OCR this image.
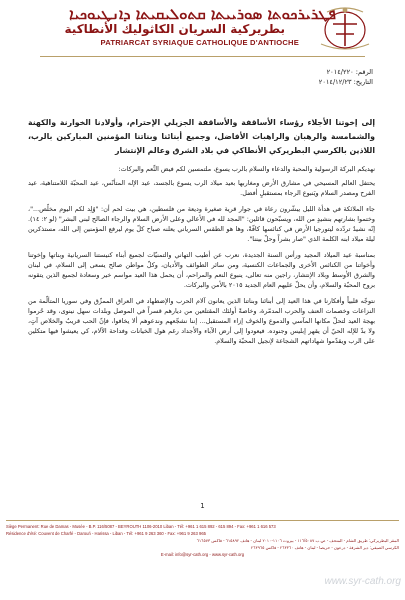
ܦܛܪܝܪܟܘܬܐ ܣܘܪܝܝܬܐ ܩܬܘܠܝܩܝܬܐ ܕܐܢܛܝܘܟܝܐ
بطريركية السريان الكاثوليك الأنطاكية
PATRIARCAT SYRIAQUE CATHOLIQUE D'ANTIOCHE
الرقم: ٢٠١٤/٢٢٠
التاريخ: ٢٠١٤/١٢/٢٣

إلى إخوتنا الأجلاء رؤساء الأساقفة والأساقفة الجزيلي الإحترام، وأولادنا الخوارنة والكهنة والشمامسة والرهبان والراهبات الأفاضل، وجميع أبنائنا وبناتنا المؤمنين المباركين بالرب، اللاذين بالكرسي البطريركي الأنطاكي في بلاد الشرق وعالم الإنتشار

نهديكم البركة الرسولية والمحبة والدعاء والسلام بالرب يسوع، ملتمسين لكم فيض النِّعم والبركات:

يحتفل العالم المسيحي في مشارق الأرض ومغاربها بعيد ميلاد الرب يسوع بالجسد، عيد الإله المتأنّس، عيد المحبّة اللامتناهية، عيد الفرح ومصدر السلام ويَنبوع الرجاء بمستقبلٍ أفضل.

جاء الملائكة في هدأة الليل يبشّرون رعاة في جوار قرية صغيرة وديعة من فلسطين، هي بيت لحم أن: "وُلِد لكم اليوم مخلّص..."، وختموا بشارتهم بنشيدٍ من الله، ويسبّحون قائلين: "المجد لله في الأعالي وعلى الأرض السلام والرجاء الصالح لبني البشر" (لو ٢: ١٤). إنّه نشيدٌ تردّده ليتورجيا الأرض في كنائسها كافّةً، وها هو الطقس السرياني يعلنه صباح كلّ يوم ليرفع المؤمنين إلى الله، مستذكرين ليلة ميلاد ابنه الكلمة الذي "صار بشراً وحلّ بيننا".

بمناسبة عيد الميلاد المجيد ورأس السنة الجديدة، نعرب عن أطيب التهاني والتمنيّات لجميع أبناء كنيستنا السريانية وبناتها وإخوتنا وأخواتنا من الكنائس الأخرى والجماعات الكنسية، ومن سائر الطوائف والأديان، وكلّ مواطن صالح يسعى إلى السلام، في لبنان والشرق الأوسط وبلاد الإنتشار، راجين منه تعالى، ينبوع النعم والمراحم، أن يحمل هذا العيد مواسم خير وسعادة لجميع الذين يتقونه بروح المحبّة والسلام، وأن يحلّ عليهم العام الجديد ٢٠١٥ بالأمن والبركات.

نتوجّه قلبياً وأفكارنا في هذا العيد إلى أبنائنا وبناتنا الذين يعانون آلام الحرب والإضطهاد في العراق الممزّق وفي سوريا المتألّمة من النزاعات وخصمات العنف والحرب المدمّرة، وخاصةً أولئك المقتلعين من ديارهم قسراً في الموصل وبلدات سهل نينوى، وقد حُرموا بهجة العيد لتحلّ مكانها المآسي والدموع والخوف إزاء المستقبل... إننا نشجّعهم وندعوهم ألا يخافوا، فإنّ الحب قريبٌ والخلاص آتٍ، ولا بدّ للإله الحيّ أن يقهر إبليس وجنوده. فيعودوا إلى أرض الآباء والأجداد رغم هول الخيانات وفداحة الآلام، كي يعيشوا فيها متكلين على الرب ويقدّموا شهاداتهم الشجاعة لإنجيل المحبّة والسلام.

1
Siège Permanent: Rue de Damas - Musée - B.P. 116/5087 - BEYROUTH 1106-2010 Liban - Tél: +961 1 615 892 - 615 894 - Fax: +961 1 616 573
Résidence d'été: Couvent de Charfé - Darouń - Harissa - Liban - Tél: +961 9 263 360 - Fax: +961 9 263 965
المقر البطريركي: طريق الشام - المتحف - ص.ب ١١٦/٥٠٨٧ - بيروت ١١٠٦-٢٠١٠ لبنان - هاتف ٦١٥٨٩٢ - فاكس ٦١٦٥٧٣
الكرسي الصيفي: دير الشرفة - درعون - حريصا - لبنان - هاتف ٢٦٣٣٦٠ - فاكس ٢٦٣٩٦٥
E-mail: info@syr-cath.org - www.syr-cath.org
www.syr-cath.org
